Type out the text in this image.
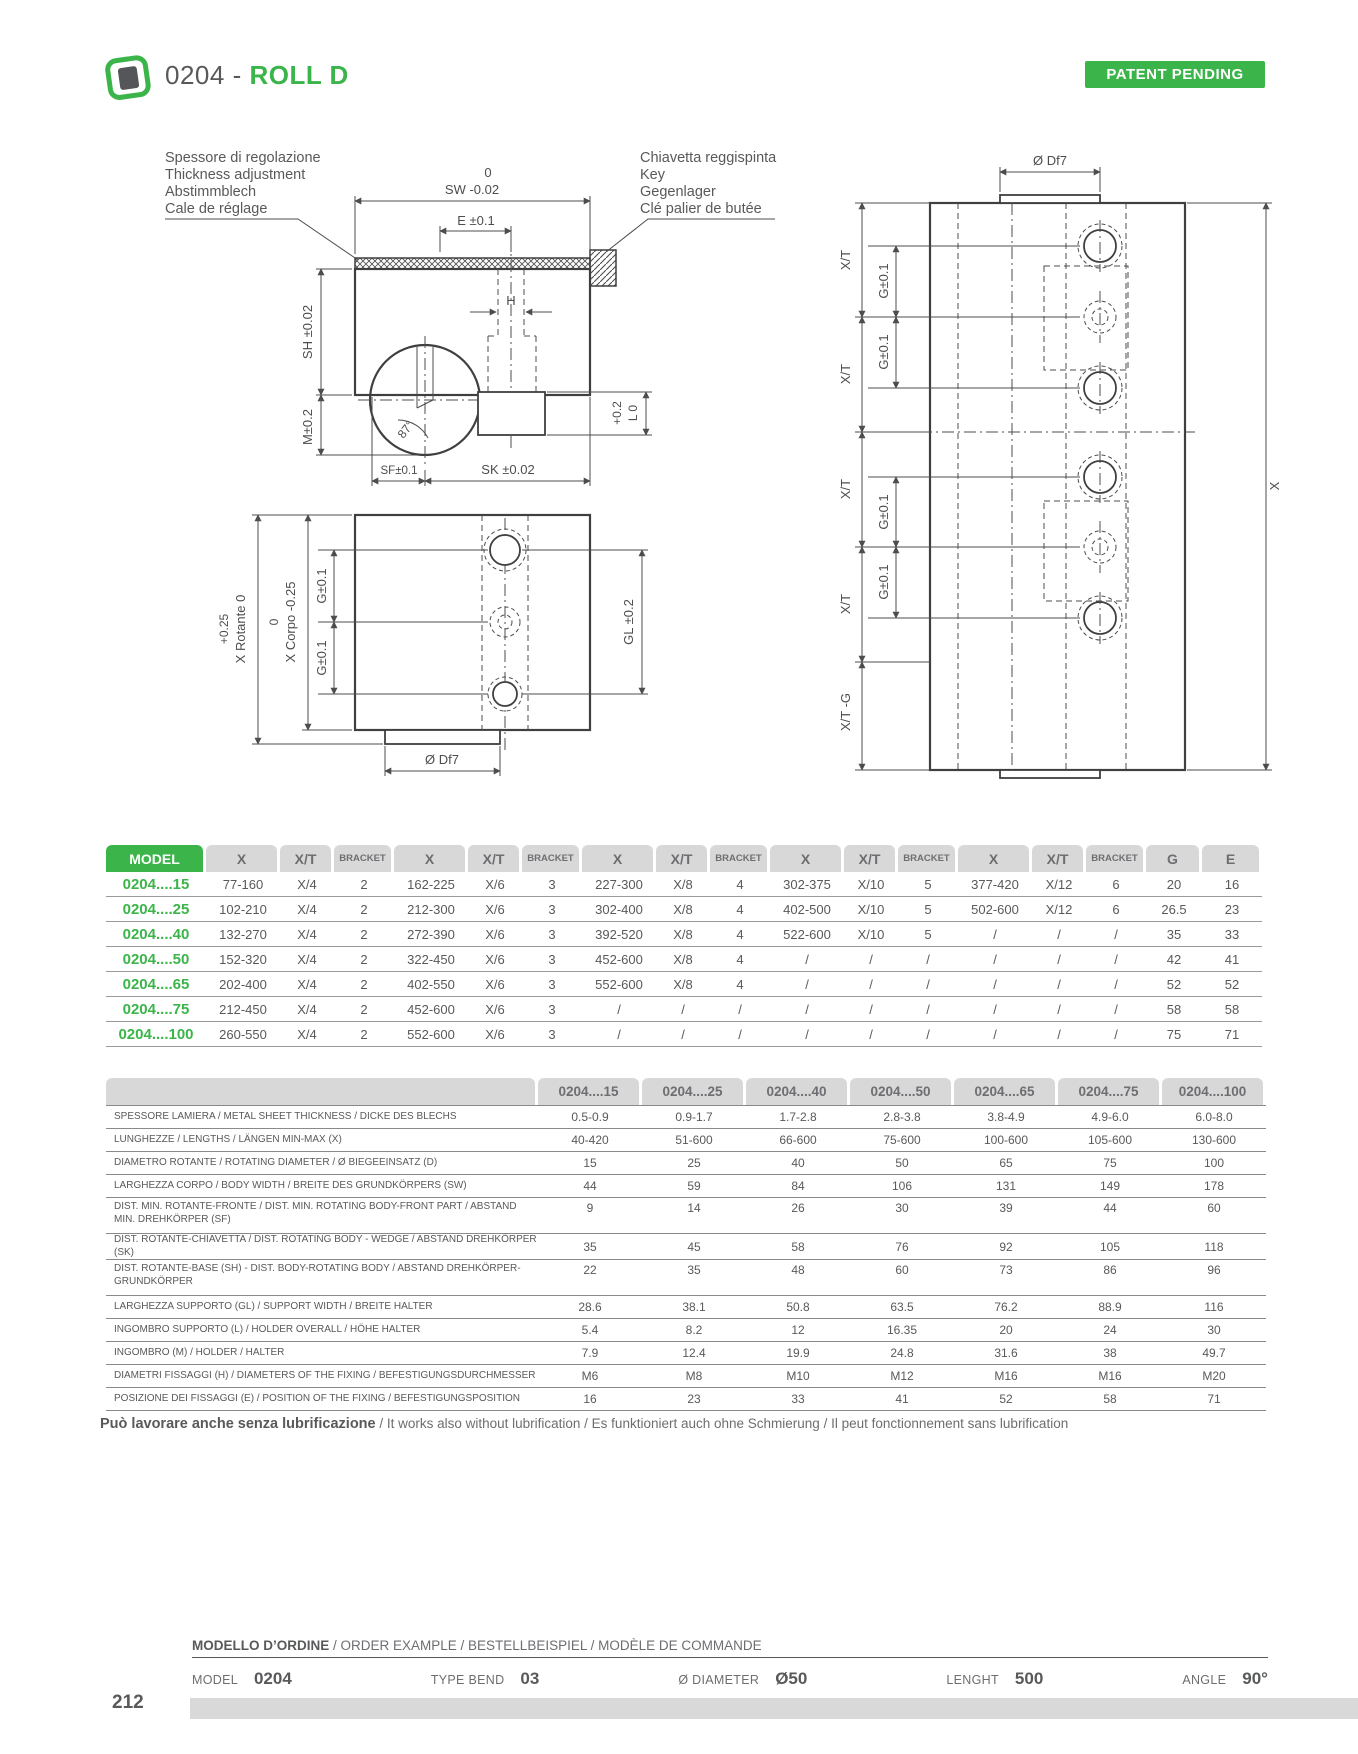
0204 - ROLL D	PATENT PENDING
Spessore di regolazione
Thickness adjustment
Abstimmblech
Cale de réglage
Chiavetta reggispinta
Key
Gegenlager
Clé palier de butée
0
SW -0.02
E ±0.1
H
SH ±0.02
M±0.2	87°
+0.2 L 0
SF±0.1	SK ±0.02
+0.25 X Rotante 0 0 X Corpo -0.25 G±0.1
G±0.1
GL ±0.2
Ø Df7
Ø Df7
X/T
X/T
X/T
X/T
X/T -G
G±0.1
G±0.1
G±0.1
G±0.1
X
MODEL	X	X/T	BRACKET	X	X/T	BRACKET	X	X/T	BRACKET	X	X/T	BRACKET	X	X/T	BRACKET	G	E
0204....15	77-160	X/4	2	162-225	X/6	3	227-300	X/8	4	302-375	X/10	5	377-420	X/12	6	20	16
0204....25	102-210	X/4	2	212-300	X/6	3	302-400	X/8	4	402-500	X/10	5	502-600	X/12	6	26.5	23
0204....40	132-270	X/4	2	272-390	X/6	3	392-520	X/8	4	522-600	X/10	5	/	/	/	35	33
0204....50	152-320	X/4	2	322-450	X/6	3	452-600	X/8	4	/	/	/	/	/	/	42	41
0204....65	202-400	X/4	2	402-550	X/6	3	552-600	X/8	4	/	/	/	/	/	/	52	52
0204....75	212-450	X/4	2	452-600	X/6	3	/	/	/	/	/	/	/	/	/	58	58
0204....100	260-550	X/4	2	552-600	X/6	3	/	/	/	/	/	/	/	/	/	75	71
0204....15	0204....25	0204....40	0204....50	0204....65	0204....75	0204....100
SPESSORE LAMIERA / METAL SHEET THICKNESS / DICKE DES BLECHS	0.5-0.9	0.9-1.7	1.7-2.8	2.8-3.8	3.8-4.9	4.9-6.0	6.0-8.0
LUNGHEZZE / LENGTHS / LÄNGEN MIN-MAX (X)	40-420	51-600	66-600	75-600	100-600	105-600	130-600
DIAMETRO ROTANTE / ROTATING DIAMETER / Ø BIEGEEINSATZ (D)	15	25	40	50	65	75	100
LARGHEZZA CORPO / BODY WIDTH / BREITE DES GRUNDKÖRPERS (SW)	44	59	84	106	131	149	178
DIST. MIN. ROTANTE-FRONTE / DIST. MIN. ROTATING BODY-FRONT PART / ABSTAND MIN. DREHKÖRPER (SF)
9	14	26	30	39	44	60
DIST. ROTANTE-CHIAVETTA / DIST. ROTATING BODY - WEDGE / ABSTAND DREHKÖRPER (SK)	35	45	58	76	92	105	118
DIST. ROTANTE-BASE (SH) - DIST. BODY-ROTATING BODY / ABSTAND DREHKÖRPER-GRUNDKÖRPER
22	35	48	60	73	86	96
LARGHEZZA SUPPORTO (GL) / SUPPORT WIDTH / BREITE HALTER	28.6	38.1	50.8	63.5	76.2	88.9	116
INGOMBRO SUPPORTO (L) / HOLDER OVERALL / HÖHE HALTER	5.4	8.2	12	16.35	20	24	30
INGOMBRO (M) / HOLDER / HALTER	7.9	12.4	19.9	24.8	31.6	38	49.7
DIAMETRI FISSAGGI (H) / DIAMETERS OF THE FIXING / BEFESTIGUNGSDURCHMESSER	M6	M8	M10	M12	M16	M16	M20
POSIZIONE DEI FISSAGGI (E) / POSITION OF THE FIXING / BEFESTIGUNGSPOSITION	16	23	33	41	52	58	71

Può lavorare anche senza lubrificazione / It works also without lubrification / Es funktioniert auch ohne Schmierung / Il peut fonctionnement sans lubrification

MODELLO D’ORDINE / ORDER EXAMPLE / BESTELLBEISPIEL / MODÈLE DE COMMANDE
MODEL 0204	TYPE BEND 03	Ø DIAMETER Ø50	LENGHT 500	ANGLE 90°
212
